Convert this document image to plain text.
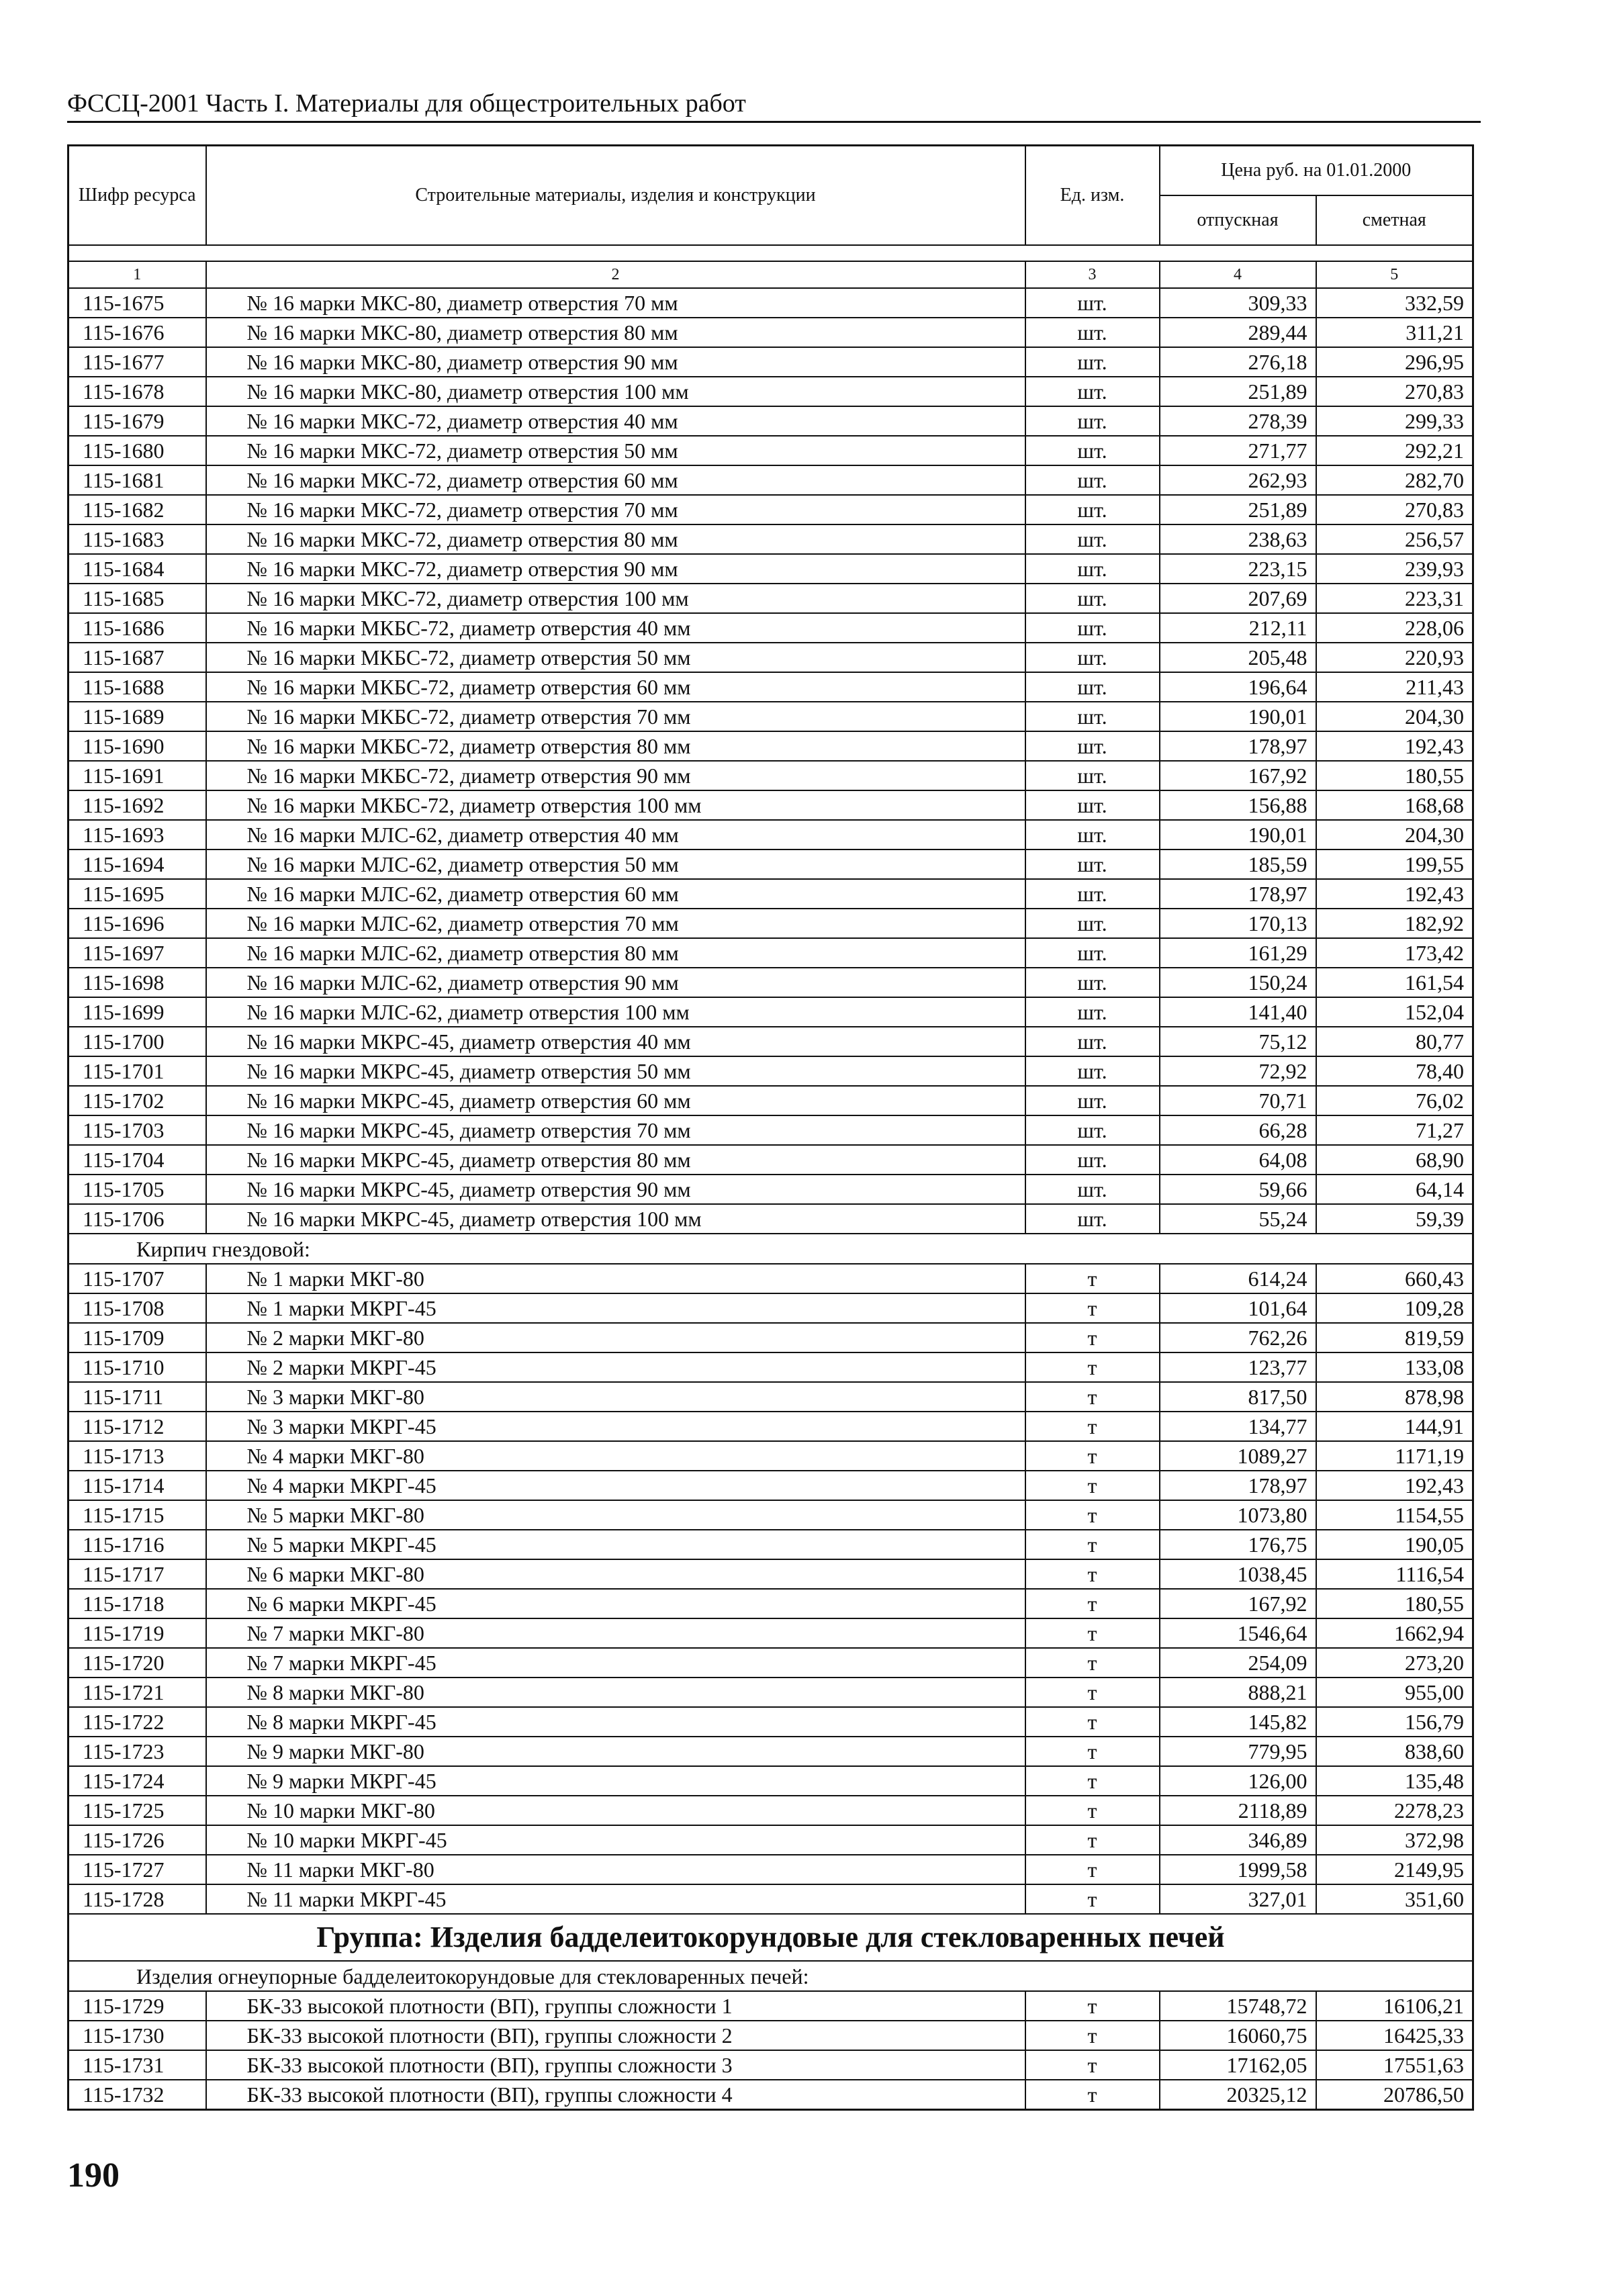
ФССЦ-2001 Часть I. Материалы для общестроительных работ
Шифр ресурса	Строительные материалы, изделия и конструкции	Ед. изм.	Цена руб. на 01.01.2000	
			отпускная	сметная

1	2	3	4	5
115-1675	№ 16 марки МКС-80, диаметр отверстия 70 мм	шт.	309,33	332,59
115-1676	№ 16 марки МКС-80, диаметр отверстия 80 мм	шт.	289,44	311,21
115-1677	№ 16 марки МКС-80, диаметр отверстия 90 мм	шт.	276,18	296,95
115-1678	№ 16 марки МКС-80, диаметр отверстия 100 мм	шт.	251,89	270,83
115-1679	№ 16 марки МКС-72, диаметр отверстия 40 мм	шт.	278,39	299,33
115-1680	№ 16 марки МКС-72, диаметр отверстия 50 мм	шт.	271,77	292,21
115-1681	№ 16 марки МКС-72, диаметр отверстия 60 мм	шт.	262,93	282,70
115-1682	№ 16 марки МКС-72, диаметр отверстия 70 мм	шт.	251,89	270,83
115-1683	№ 16 марки МКС-72, диаметр отверстия 80 мм	шт.	238,63	256,57
115-1684	№ 16 марки МКС-72, диаметр отверстия 90 мм	шт.	223,15	239,93
115-1685	№ 16 марки МКС-72, диаметр отверстия 100 мм	шт.	207,69	223,31
115-1686	№ 16 марки МКБС-72, диаметр отверстия 40 мм	шт.	212,11	228,06
115-1687	№ 16 марки МКБС-72, диаметр отверстия 50 мм	шт.	205,48	220,93
115-1688	№ 16 марки МКБС-72, диаметр отверстия 60 мм	шт.	196,64	211,43
115-1689	№ 16 марки МКБС-72, диаметр отверстия 70 мм	шт.	190,01	204,30
115-1690	№ 16 марки МКБС-72, диаметр отверстия 80 мм	шт.	178,97	192,43
115-1691	№ 16 марки МКБС-72, диаметр отверстия 90 мм	шт.	167,92	180,55
115-1692	№ 16 марки МКБС-72, диаметр отверстия 100 мм	шт.	156,88	168,68
115-1693	№ 16 марки МЛС-62, диаметр отверстия 40 мм	шт.	190,01	204,30
115-1694	№ 16 марки МЛС-62, диаметр отверстия 50 мм	шт.	185,59	199,55
115-1695	№ 16 марки МЛС-62, диаметр отверстия 60 мм	шт.	178,97	192,43
115-1696	№ 16 марки МЛС-62, диаметр отверстия 70 мм	шт.	170,13	182,92
115-1697	№ 16 марки МЛС-62, диаметр отверстия 80 мм	шт.	161,29	173,42
115-1698	№ 16 марки МЛС-62, диаметр отверстия 90 мм	шт.	150,24	161,54
115-1699	№ 16 марки МЛС-62, диаметр отверстия 100 мм	шт.	141,40	152,04
115-1700	№ 16 марки МКРС-45, диаметр отверстия 40 мм	шт.	75,12	80,77
115-1701	№ 16 марки МКРС-45, диаметр отверстия 50 мм	шт.	72,92	78,40
115-1702	№ 16 марки МКРС-45, диаметр отверстия 60 мм	шт.	70,71	76,02
115-1703	№ 16 марки МКРС-45, диаметр отверстия 70 мм	шт.	66,28	71,27
115-1704	№ 16 марки МКРС-45, диаметр отверстия 80 мм	шт.	64,08	68,90
115-1705	№ 16 марки МКРС-45, диаметр отверстия 90 мм	шт.	59,66	64,14
115-1706	№ 16 марки МКРС-45, диаметр отверстия 100 мм	шт.	55,24	59,39
Кирпич гнездовой:				
115-1707	№ 1 марки МКГ-80	т	614,24	660,43
115-1708	№ 1 марки МКРГ-45	т	101,64	109,28
115-1709	№ 2 марки МКГ-80	т	762,26	819,59
115-1710	№ 2 марки МКРГ-45	т	123,77	133,08
115-1711	№ 3 марки МКГ-80	т	817,50	878,98
115-1712	№ 3 марки МКРГ-45	т	134,77	144,91
115-1713	№ 4 марки МКГ-80	т	1089,27	1171,19
115-1714	№ 4 марки МКРГ-45	т	178,97	192,43
115-1715	№ 5 марки МКГ-80	т	1073,80	1154,55
115-1716	№ 5 марки МКРГ-45	т	176,75	190,05
115-1717	№ 6 марки МКГ-80	т	1038,45	1116,54
115-1718	№ 6 марки МКРГ-45	т	167,92	180,55
115-1719	№ 7 марки МКГ-80	т	1546,64	1662,94
115-1720	№ 7 марки МКРГ-45	т	254,09	273,20
115-1721	№ 8 марки МКГ-80	т	888,21	955,00
115-1722	№ 8 марки МКРГ-45	т	145,82	156,79
115-1723	№ 9 марки МКГ-80	т	779,95	838,60
115-1724	№ 9 марки МКРГ-45	т	126,00	135,48
115-1725	№ 10 марки МКГ-80	т	2118,89	2278,23
115-1726	№ 10 марки МКРГ-45	т	346,89	372,98
115-1727	№ 11 марки МКГ-80	т	1999,58	2149,95
115-1728	№ 11 марки МКРГ-45	т	327,01	351,60
Группа: Изделия бадделеитокорундовые для стекловаренных печей				
Изделия огнеупорные бадделеитокорундовые для стекловаренных печей:				
115-1729	БК-33 высокой плотности (ВП), группы сложности 1	т	15748,72	16106,21
115-1730	БК-33 высокой плотности (ВП), группы сложности 2	т	16060,75	16425,33
115-1731	БК-33 высокой плотности (ВП), группы сложности 3	т	17162,05	17551,63
115-1732	БК-33 высокой плотности (ВП), группы сложности 4	т	20325,12	20786,50
190
